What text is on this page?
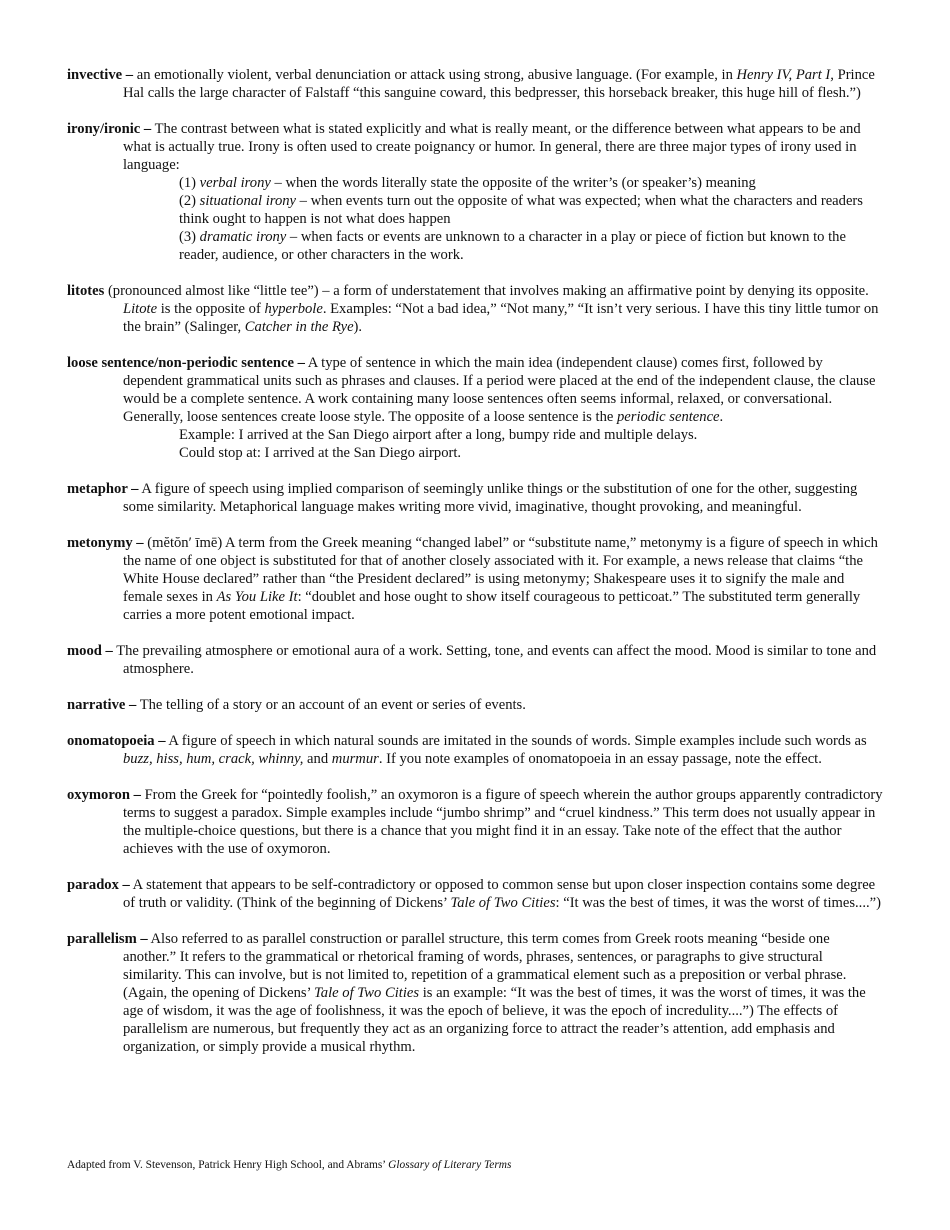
invective – an emotionally violent, verbal denunciation or attack using strong, abusive language. (For example, in Henry IV, Part I, Prince Hal calls the large character of Falstaff “this sanguine coward, this bedpresser, this horseback breaker, this huge hill of flesh.”)
irony/ironic – The contrast between what is stated explicitly and what is really meant, or the difference between what appears to be and what is actually true. Irony is often used to create poignancy or humor. In general, there are three major types of irony used in language:
(1) verbal irony – when the words literally state the opposite of the writer’s (or speaker’s) meaning
(2) situational irony – when events turn out the opposite of what was expected; when what the characters and readers think ought to happen is not what does happen
(3) dramatic irony – when facts or events are unknown to a character in a play or piece of fiction but known to the reader, audience, or other characters in the work.
litotes (pronounced almost like “little tee”) – a form of understatement that involves making an affirmative point by denying its opposite. Litote is the opposite of hyperbole. Examples: “Not a bad idea,” “Not many,” “It isn’t very serious. I have this tiny little tumor on the brain” (Salinger, Catcher in the Rye).
loose sentence/non-periodic sentence – A type of sentence in which the main idea (independent clause) comes first, followed by dependent grammatical units such as phrases and clauses. If a period were placed at the end of the independent clause, the clause would be a complete sentence. A work containing many loose sentences often seems informal, relaxed, or conversational. Generally, loose sentences create loose style. The opposite of a loose sentence is the periodic sentence.
Example: I arrived at the San Diego airport after a long, bumpy ride and multiple delays.
Could stop at: I arrived at the San Diego airport.
metaphor – A figure of speech using implied comparison of seemingly unlike things or the substitution of one for the other, suggesting some similarity. Metaphorical language makes writing more vivid, imaginative, thought provoking, and meaningful.
metonymy – (mĕtŏn′ īmē) A term from the Greek meaning “changed label” or “substitute name,” metonymy is a figure of speech in which the name of one object is substituted for that of another closely associated with it. For example, a news release that claims “the White House declared” rather than “the President declared” is using metonymy; Shakespeare uses it to signify the male and female sexes in As You Like It: “doublet and hose ought to show itself courageous to petticoat.” The substituted term generally carries a more potent emotional impact.
mood – The prevailing atmosphere or emotional aura of a work. Setting, tone, and events can affect the mood. Mood is similar to tone and atmosphere.
narrative – The telling of a story or an account of an event or series of events.
onomatopoeia – A figure of speech in which natural sounds are imitated in the sounds of words. Simple examples include such words as buzz, hiss, hum, crack, whinny, and murmur. If you note examples of onomatopoeia in an essay passage, note the effect.
oxymoron – From the Greek for “pointedly foolish,” an oxymoron is a figure of speech wherein the author groups apparently contradictory terms to suggest a paradox. Simple examples include “jumbo shrimp” and “cruel kindness.” This term does not usually appear in the multiple-choice questions, but there is a chance that you might find it in an essay. Take note of the effect that the author achieves with the use of oxymoron.
paradox – A statement that appears to be self-contradictory or opposed to common sense but upon closer inspection contains some degree of truth or validity. (Think of the beginning of Dickens’ Tale of Two Cities: “It was the best of times, it was the worst of times....”)
parallelism – Also referred to as parallel construction or parallel structure, this term comes from Greek roots meaning “beside one another.” It refers to the grammatical or rhetorical framing of words, phrases, sentences, or paragraphs to give structural similarity. This can involve, but is not limited to, repetition of a grammatical element such as a preposition or verbal phrase. (Again, the opening of Dickens’ Tale of Two Cities is an example: “It was the best of times, it was the worst of times, it was the age of wisdom, it was the age of foolishness, it was the epoch of believe, it was the epoch of incredulity....”) The effects of parallelism are numerous, but frequently they act as an organizing force to attract the reader’s attention, add emphasis and organization, or simply provide a musical rhythm.
Adapted from V. Stevenson, Patrick Henry High School, and Abrams’ Glossary of Literary Terms
